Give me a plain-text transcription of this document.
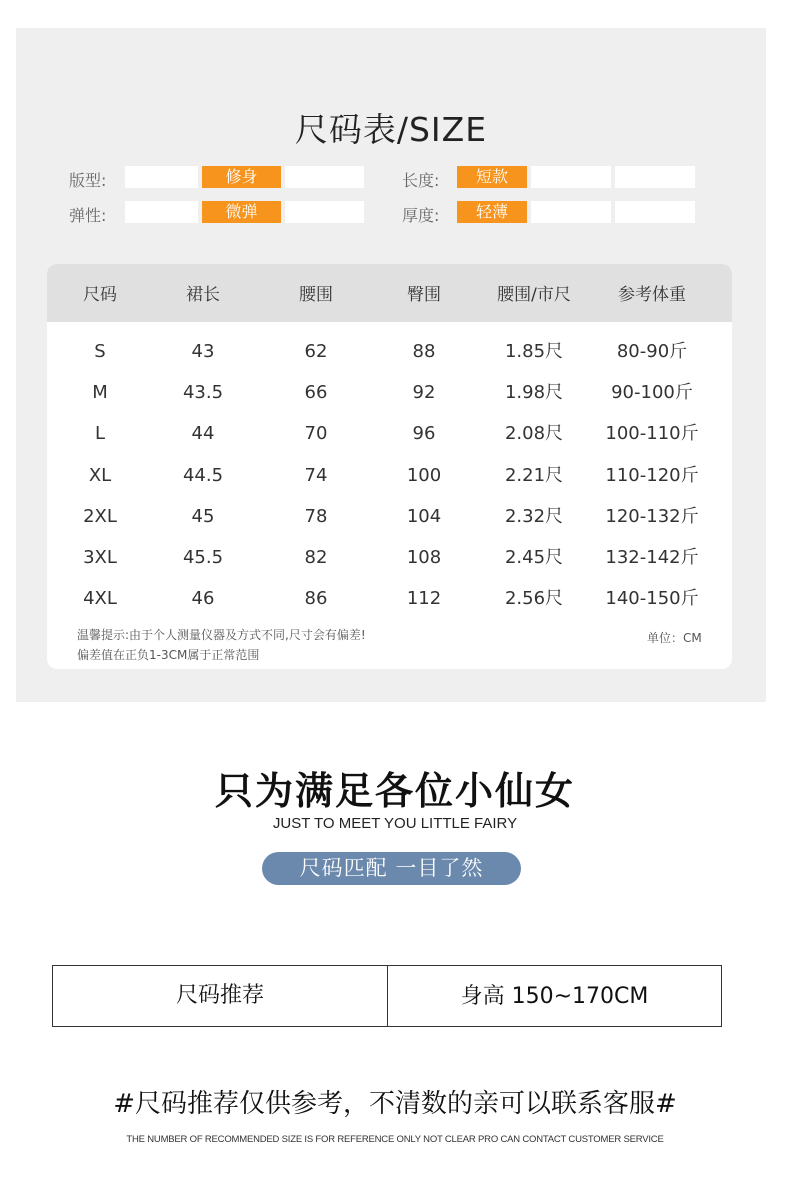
尺码表/SIZE
版型:	修身	长度:	短款
弹性:	微弹	厚度:	轻薄
尺码	裙长	腰围	臀围	腰围/市尺	参考体重
S	43	62	88	1.85尺	80-90斤
M	43.5	66	92	1.98尺	90-100斤
L	44	70	96	2.08尺	100-110斤
XL	44.5	74	100	2.21尺	110-120斤
2XL	45	78	104	2.32尺	120-132斤
3XL	45.5	82	108	2.45尺	132-142斤
4XL	46	86	112	2.56尺	140-150斤
温馨提示:由于个人测量仪器及方式不同,尺寸会有偏差!
偏差值在正负1-3CM属于正常范围
单位：CM
只为满足各位小仙女
JUST TO MEET YOU LITTLE FAIRY
尺码匹配 一目了然
尺码推荐	身高 150~170CM
#尺码推荐仅供参考，不清数的亲可以联系客服#
THE NUMBER OF RECOMMENDED SIZE IS FOR REFERENCE ONLY NOT CLEAR PRO CAN CONTACT CUSTOMER SERVICE
